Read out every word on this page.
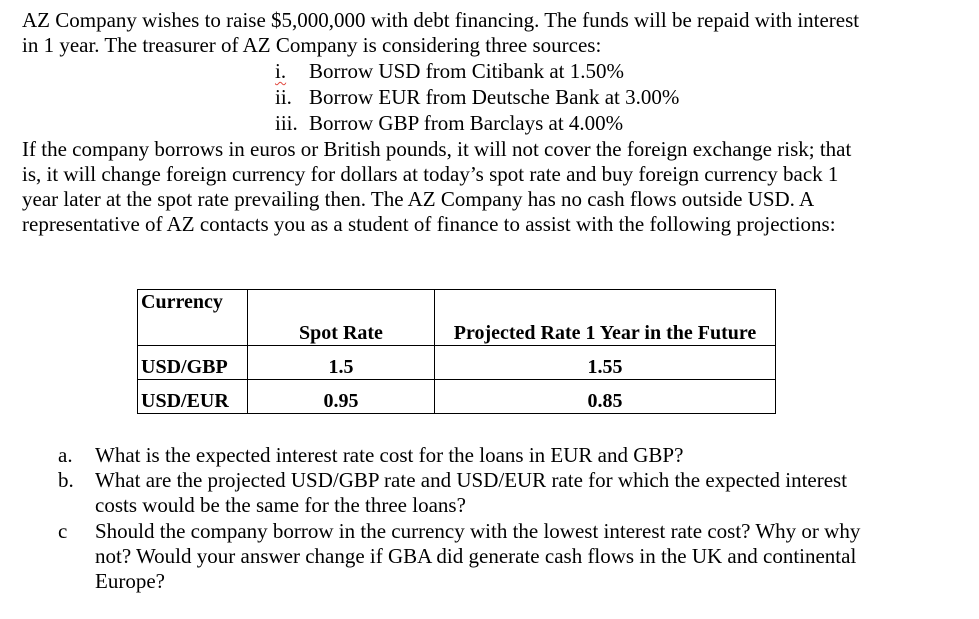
AZ Company wishes to raise $5,000,000 with debt financing. The funds will be repaid with interest
in 1 year. The treasurer of AZ Company is considering three sources:
i. Borrow USD from Citibank at 1.50%
ii. Borrow EUR from Deutsche Bank at 3.00%
iii. Borrow GBP from Barclays at 4.00%
If the company borrows in euros or British pounds, it will not cover the foreign exchange risk; that
is, it will change foreign currency for dollars at today’s spot rate and buy foreign currency back 1
year later at the spot rate prevailing then. The AZ Company has no cash flows outside USD. A
representative of AZ contacts you as a student of finance to assist with the following projections:
Currency	Spot Rate	Projected Rate 1 Year in the Future
USD/GBP	1.5	1.55
USD/EUR	0.95	0.85
a. What is the expected interest rate cost for the loans in EUR and GBP?
b. What are the projected USD/GBP rate and USD/EUR rate for which the expected interest
costs would be the same for the three loans?
c	Should the company borrow in the currency with the lowest interest rate cost? Why or why
not? Would your answer change if GBA did generate cash flows in the UK and continental
Europe?
